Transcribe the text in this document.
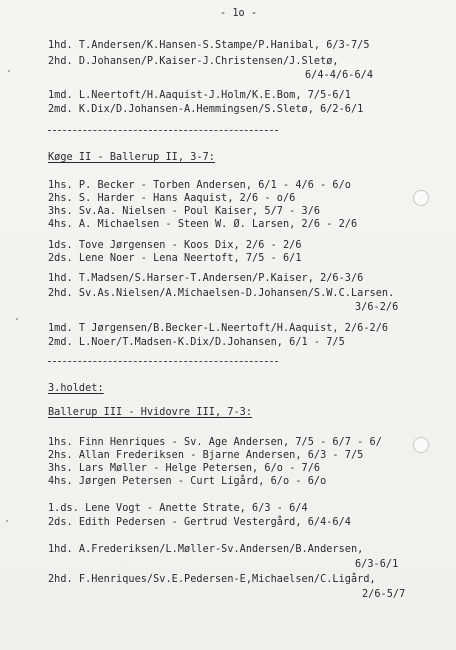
- 1o -
1hd. T.Andersen/K.Hansen-S.Stampe/P.Hanibal, 6/3-7/5
2hd. D.Johansen/P.Kaiser-J.Christensen/J.Sletø,
6/4-4/6-6/4
1md. L.Neertoft/H.Aaquist-J.Holm/K.E.Bom, 7/5-6/1
2md. K.Dix/D.Johansen-A.Hemmingsen/S.Sletø, 6/2-6/1
Køge II - Ballerup II, 3-7:
1hs. P. Becker - Torben Andersen, 6/1 - 4/6 - 6/o
2hs. S. Harder - Hans Aaquist, 2/6 - o/6
3hs. Sv.Aa. Nielsen - Poul Kaiser, 5/7 - 3/6
4hs. A. Michaelsen - Steen W. Ø. Larsen, 2/6 - 2/6
1ds. Tove Jørgensen - Koos Dix, 2/6 - 2/6
2ds. Lene Noer - Lena Neertoft, 7/5 - 6/1
1hd. T.Madsen/S.Harser-T.Andersen/P.Kaiser, 2/6-3/6
2hd. Sv.As.Nielsen/A.Michaelsen-D.Johansen/S.W.C.Larsen.
3/6-2/6
1md. T Jørgensen/B.Becker-L.Neertoft/H.Aaquist, 2/6-2/6
2md. L.Noer/T.Madsen-K.Dix/D.Johansen, 6/1 - 7/5
3.holdet:
Ballerup III - Hvidovre III, 7-3:
1hs. Finn Henriques - Sv. Age Andersen, 7/5 - 6/7 - 6/
2hs. Allan Frederiksen - Bjarne Andersen, 6/3 - 7/5
3hs. Lars Møller - Helge Petersen, 6/o - 7/6
4hs. Jørgen Petersen - Curt Ligård, 6/o - 6/o
1.ds. Lene Vogt - Anette Strate, 6/3 - 6/4
2ds. Edith Pedersen - Gertrud Vestergård, 6/4-6/4
1hd. A.Frederiksen/L.Møller-Sv.Andersen/B.Andersen,
6/3-6/1
2hd. F.Henriques/Sv.E.Pedersen-E,Michaelsen/C.Ligård,
2/6-5/7
